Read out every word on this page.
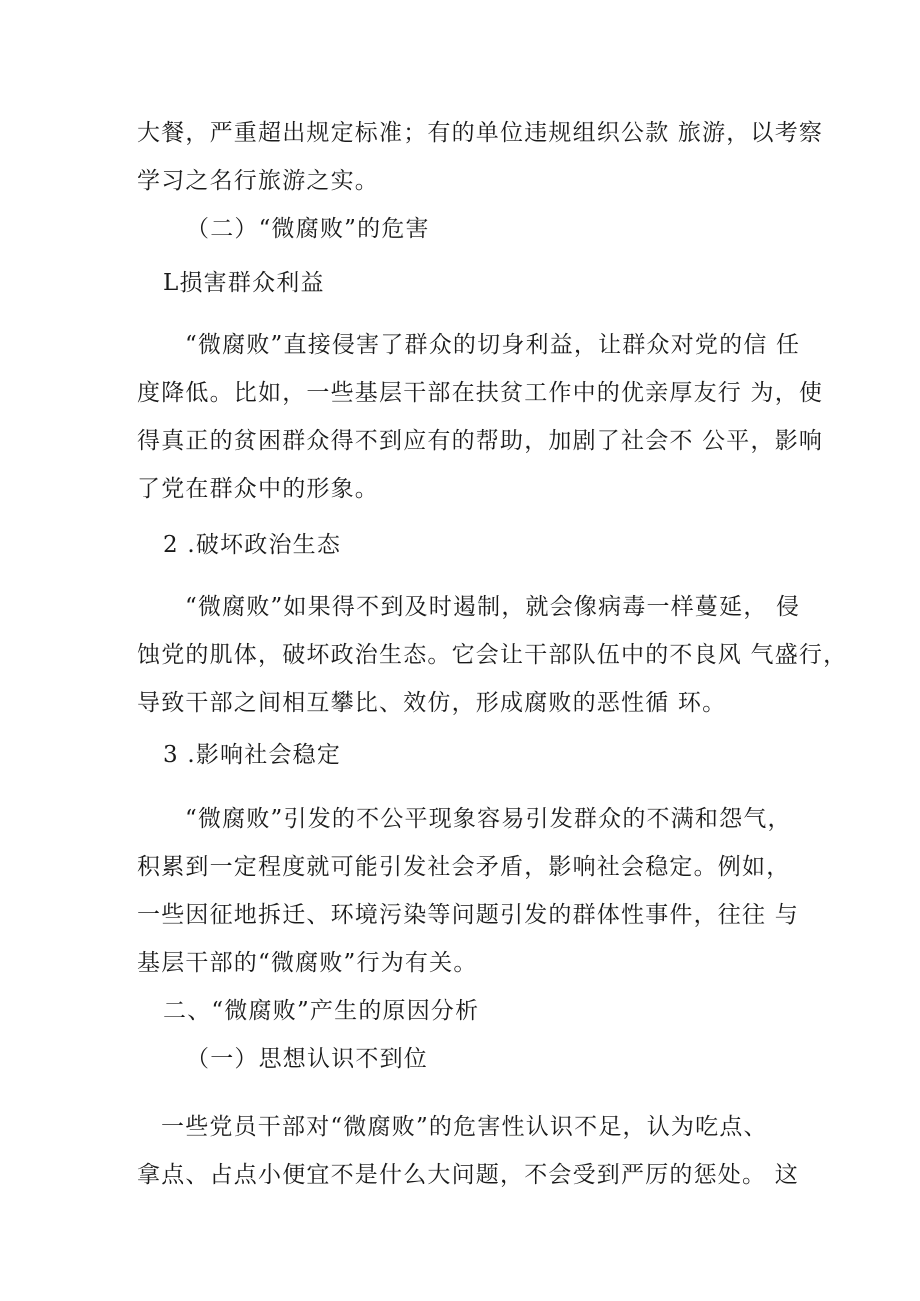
大餐，严重超出规定标准；有的单位违规组织公款 旅游，以考察
学习之名行旅游之实。
（二）“微腐败”的危害
L损害群众利益
“微腐败”直接侵害了群众的切身利益，让群众对党的信 任
度降低。比如，一些基层干部在扶贫工作中的优亲厚友行 为，使
得真正的贫困群众得不到应有的帮助，加剧了社会不 公平，影响
了党在群众中的形象。
2 .破坏政治生态
“微腐败”如果得不到及时遏制，就会像病毒一样蔓延， 侵
蚀党的肌体，破坏政治生态。它会让干部队伍中的不良风 气盛行，
导致干部之间相互攀比、效仿，形成腐败的恶性循 环。
3 .影响社会稳定
“微腐败”引发的不公平现象容易引发群众的不满和怨气，
积累到一定程度就可能引发社会矛盾，影响社会稳定。例如，
一些因征地拆迁、环境污染等问题引发的群体性事件，往往 与
基层干部的“微腐败”行为有关。
二、“微腐败”产生的原因分析
（一）思想认识不到位
一些党员干部对“微腐败”的危害性认识不足，认为吃点、
拿点、占点小便宜不是什么大问题，不会受到严厉的惩处。 这
